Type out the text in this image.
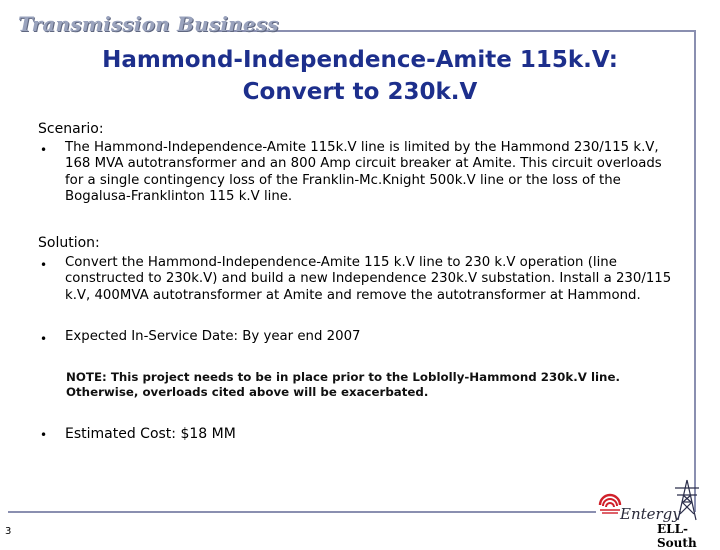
Transmission Business
Hammond-Independence-Amite 115k.V:
Convert to 230k.V
Scenario:
• The Hammond-Independence-Amite 115k.V line is limited by the Hammond 230/115 k.V, 168 MVA autotransformer and an 800 Amp circuit breaker at Amite. This circuit overloads for a single contingency loss of the Franklin-Mc.Knight 500k.V line or the loss of the Bogalusa-Franklinton 115 k.V line.
Solution:
• Convert the Hammond-Independence-Amite 115 k.V line to 230 k.V operation (line constructed to 230k.V) and build a new Independence 230k.V substation. Install a 230/115 k.V, 400MVA autotransformer at Amite and remove the autotransformer at Hammond.
• Expected In-Service Date: By year end 2007
NOTE: This project needs to be in place prior to the Loblolly-Hammond 230k.V line. Otherwise, overloads cited above will be exacerbated.
• Estimated Cost: $18 MM
3
Entergy
ELL-South
